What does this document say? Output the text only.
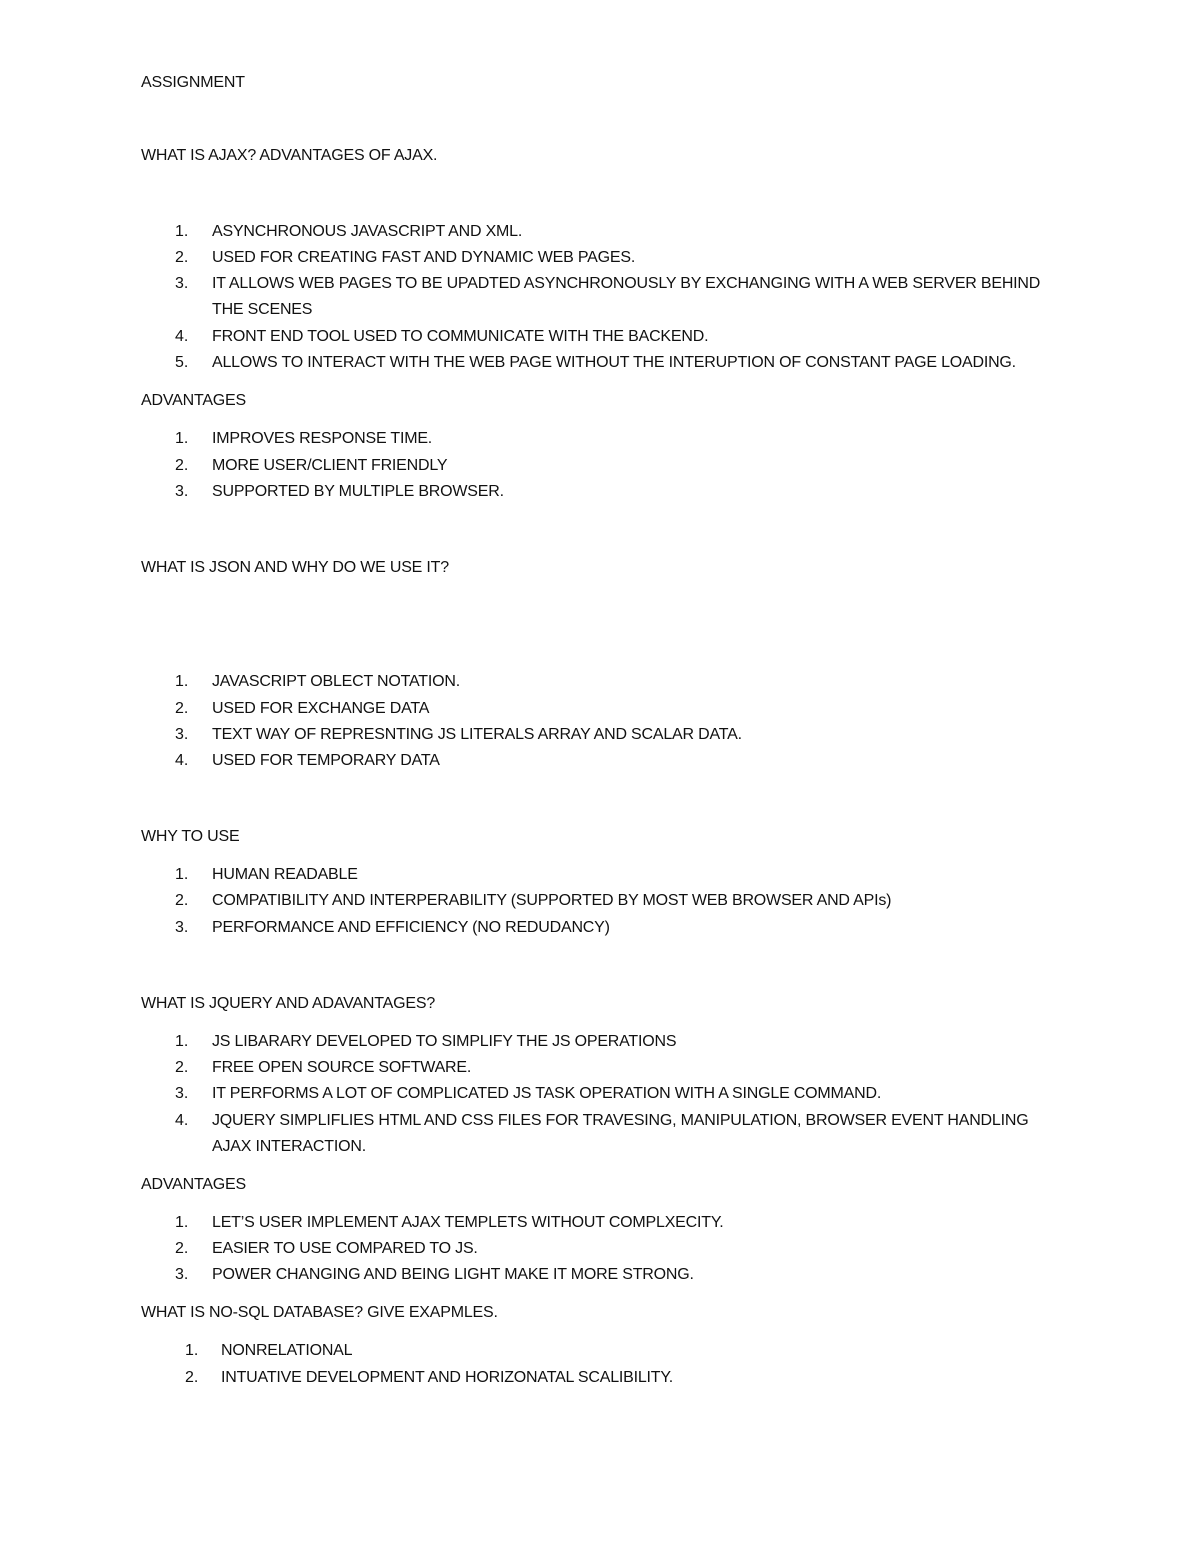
ASSIGNMENT
WHAT IS AJAX? ADVANTAGES OF AJAX.
1. ASYNCHRONOUS JAVASCRIPT AND XML.
2. USED FOR CREATING FAST AND DYNAMIC WEB PAGES.
3. IT ALLOWS WEB PAGES TO BE UPADTED ASYNCHRONOUSLY BY EXCHANGING WITH A WEB SERVER BEHIND
THE SCENES
4. FRONT END TOOL USED TO COMMUNICATE WITH THE BACKEND.
5. ALLOWS TO INTERACT WITH THE WEB PAGE WITHOUT THE INTERUPTION OF CONSTANT PAGE LOADING.
ADVANTAGES
1. IMPROVES RESPONSE TIME.
2. MORE USER/CLIENT FRIENDLY
3. SUPPORTED BY MULTIPLE BROWSER.
WHAT IS JSON AND WHY DO WE USE IT?
1. JAVASCRIPT OBLECT NOTATION.
2. USED FOR EXCHANGE DATA
3. TEXT WAY OF REPRESNTING JS LITERALS ARRAY AND SCALAR DATA.
4. USED FOR TEMPORARY DATA
WHY TO USE
1. HUMAN READABLE
2. COMPATIBILITY AND INTERPERABILITY (SUPPORTED BY MOST WEB BROWSER AND APIs)
3. PERFORMANCE AND EFFICIENCY (NO REDUDANCY)
WHAT IS JQUERY AND ADAVANTAGES?
1. JS LIBARARY DEVELOPED TO SIMPLIFY THE JS OPERATIONS
2. FREE OPEN SOURCE SOFTWARE.
3. IT PERFORMS A LOT OF COMPLICATED JS TASK OPERATION WITH A SINGLE COMMAND.
4. JQUERY SIMPLIFLIES HTML AND CSS FILES FOR TRAVESING, MANIPULATION, BROWSER EVENT HANDLING
AJAX INTERACTION.
ADVANTAGES
1. LET’S USER IMPLEMENT AJAX TEMPLETS WITHOUT COMPLXECITY.
2. EASIER TO USE COMPARED TO JS.
3. POWER CHANGING AND BEING LIGHT MAKE IT MORE STRONG.
WHAT IS NO-SQL DATABASE? GIVE EXAPMLES.
1. NONRELATIONAL
2. INTUATIVE DEVELOPMENT AND HORIZONATAL SCALIBILITY.
